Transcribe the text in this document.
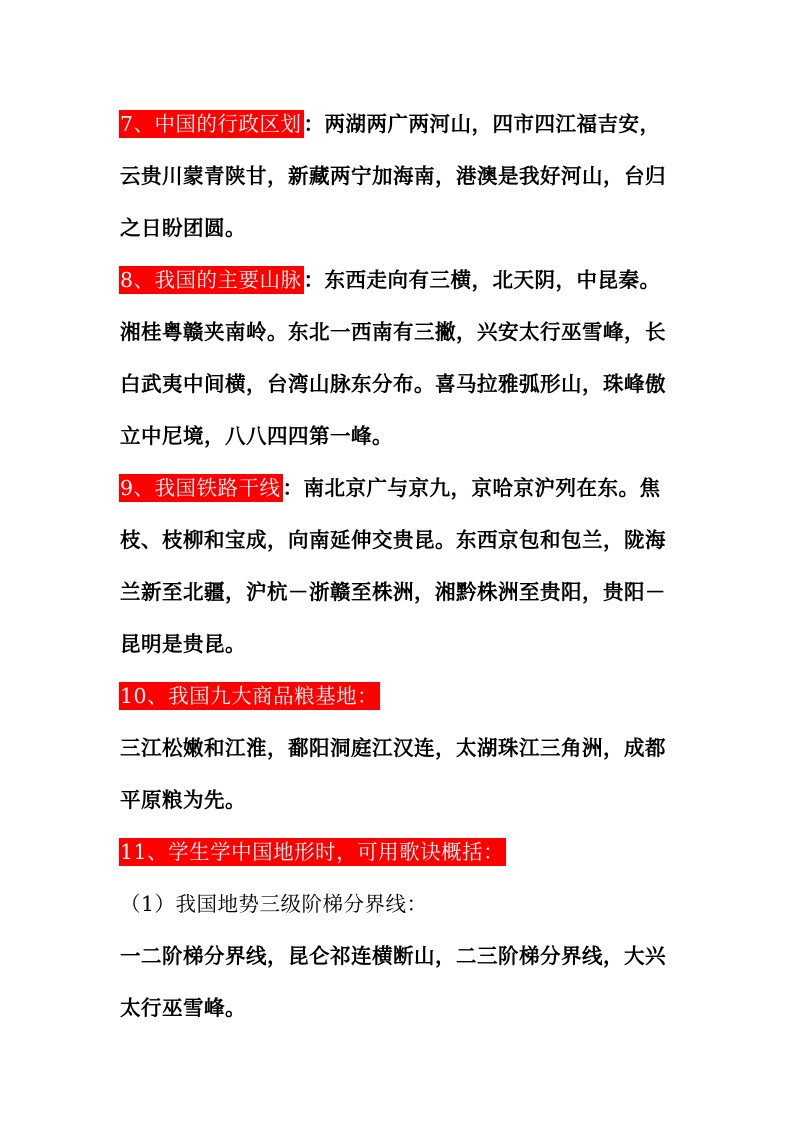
7、中国的行政区划：两湖两广两河山，四市四江福吉安，
云贵川蒙青陕甘，新藏两宁加海南，港澳是我好河山，台归
之日盼团圆。
8、我国的主要山脉：东西走向有三横，北天阴，中昆秦。
湘桂粤赣夹南岭。东北一西南有三撇，兴安太行巫雪峰，长
白武夷中间横，台湾山脉东分布。喜马拉雅弧形山，珠峰傲
立中尼境，八八四四第一峰。
9、我国铁路干线：南北京广与京九，京哈京沪列在东。焦
枝、枝柳和宝成，向南延伸交贵昆。东西京包和包兰，陇海
兰新至北疆，沪杭－浙赣至株洲，湘黔株洲至贵阳，贵阳－
昆明是贵昆。
10、我国九大商品粮基地：
三江松嫩和江淮，鄱阳洞庭江汉连，太湖珠江三角洲，成都
平原粮为先。
11、学生学中国地形时，可用歌诀概括：
（1）我国地势三级阶梯分界线：
一二阶梯分界线，昆仑祁连横断山，二三阶梯分界线，大兴
太行巫雪峰。
